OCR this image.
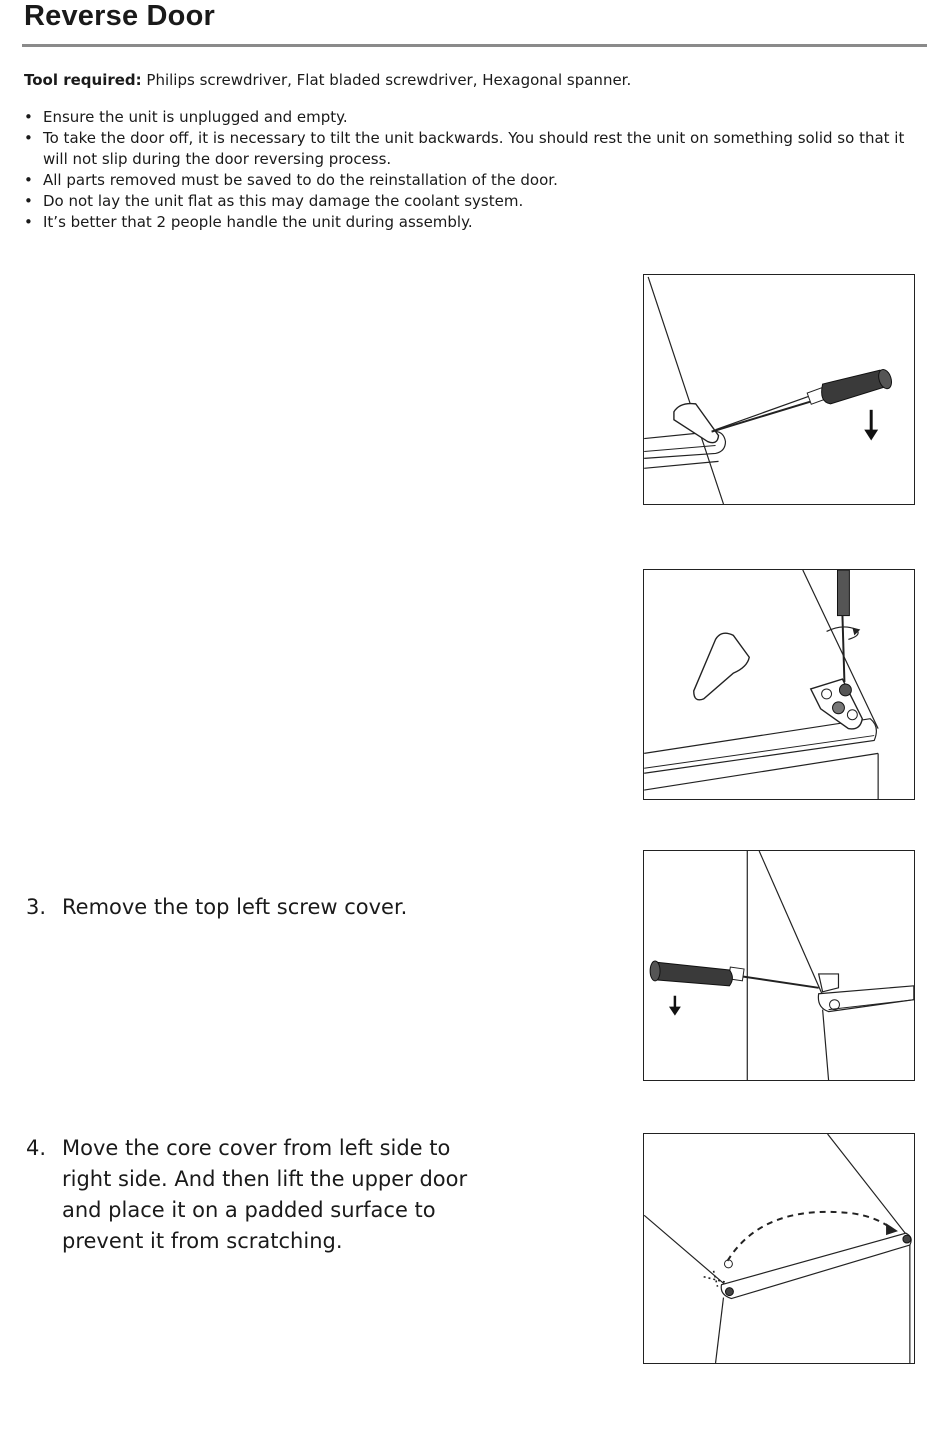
Reverse Door
Tool required: Philips screwdriver, Flat bladed screwdriver, Hexagonal spanner.
• Ensure the unit is unplugged and empty.
• To take the door off, it is necessary to tilt the unit backwards. You should rest the unit on something solid so that it will not slip during the door reversing process.
• All parts removed must be saved to do the reinstallation of the door.
• Do not lay the unit flat as this may damage the coolant system.
• It’s better that 2 people handle the unit during assembly.
3. Remove the top left screw cover.
4. Move the core cover from left side to right side. And then lift the upper door and place it on a padded surface to prevent it from scratching.
